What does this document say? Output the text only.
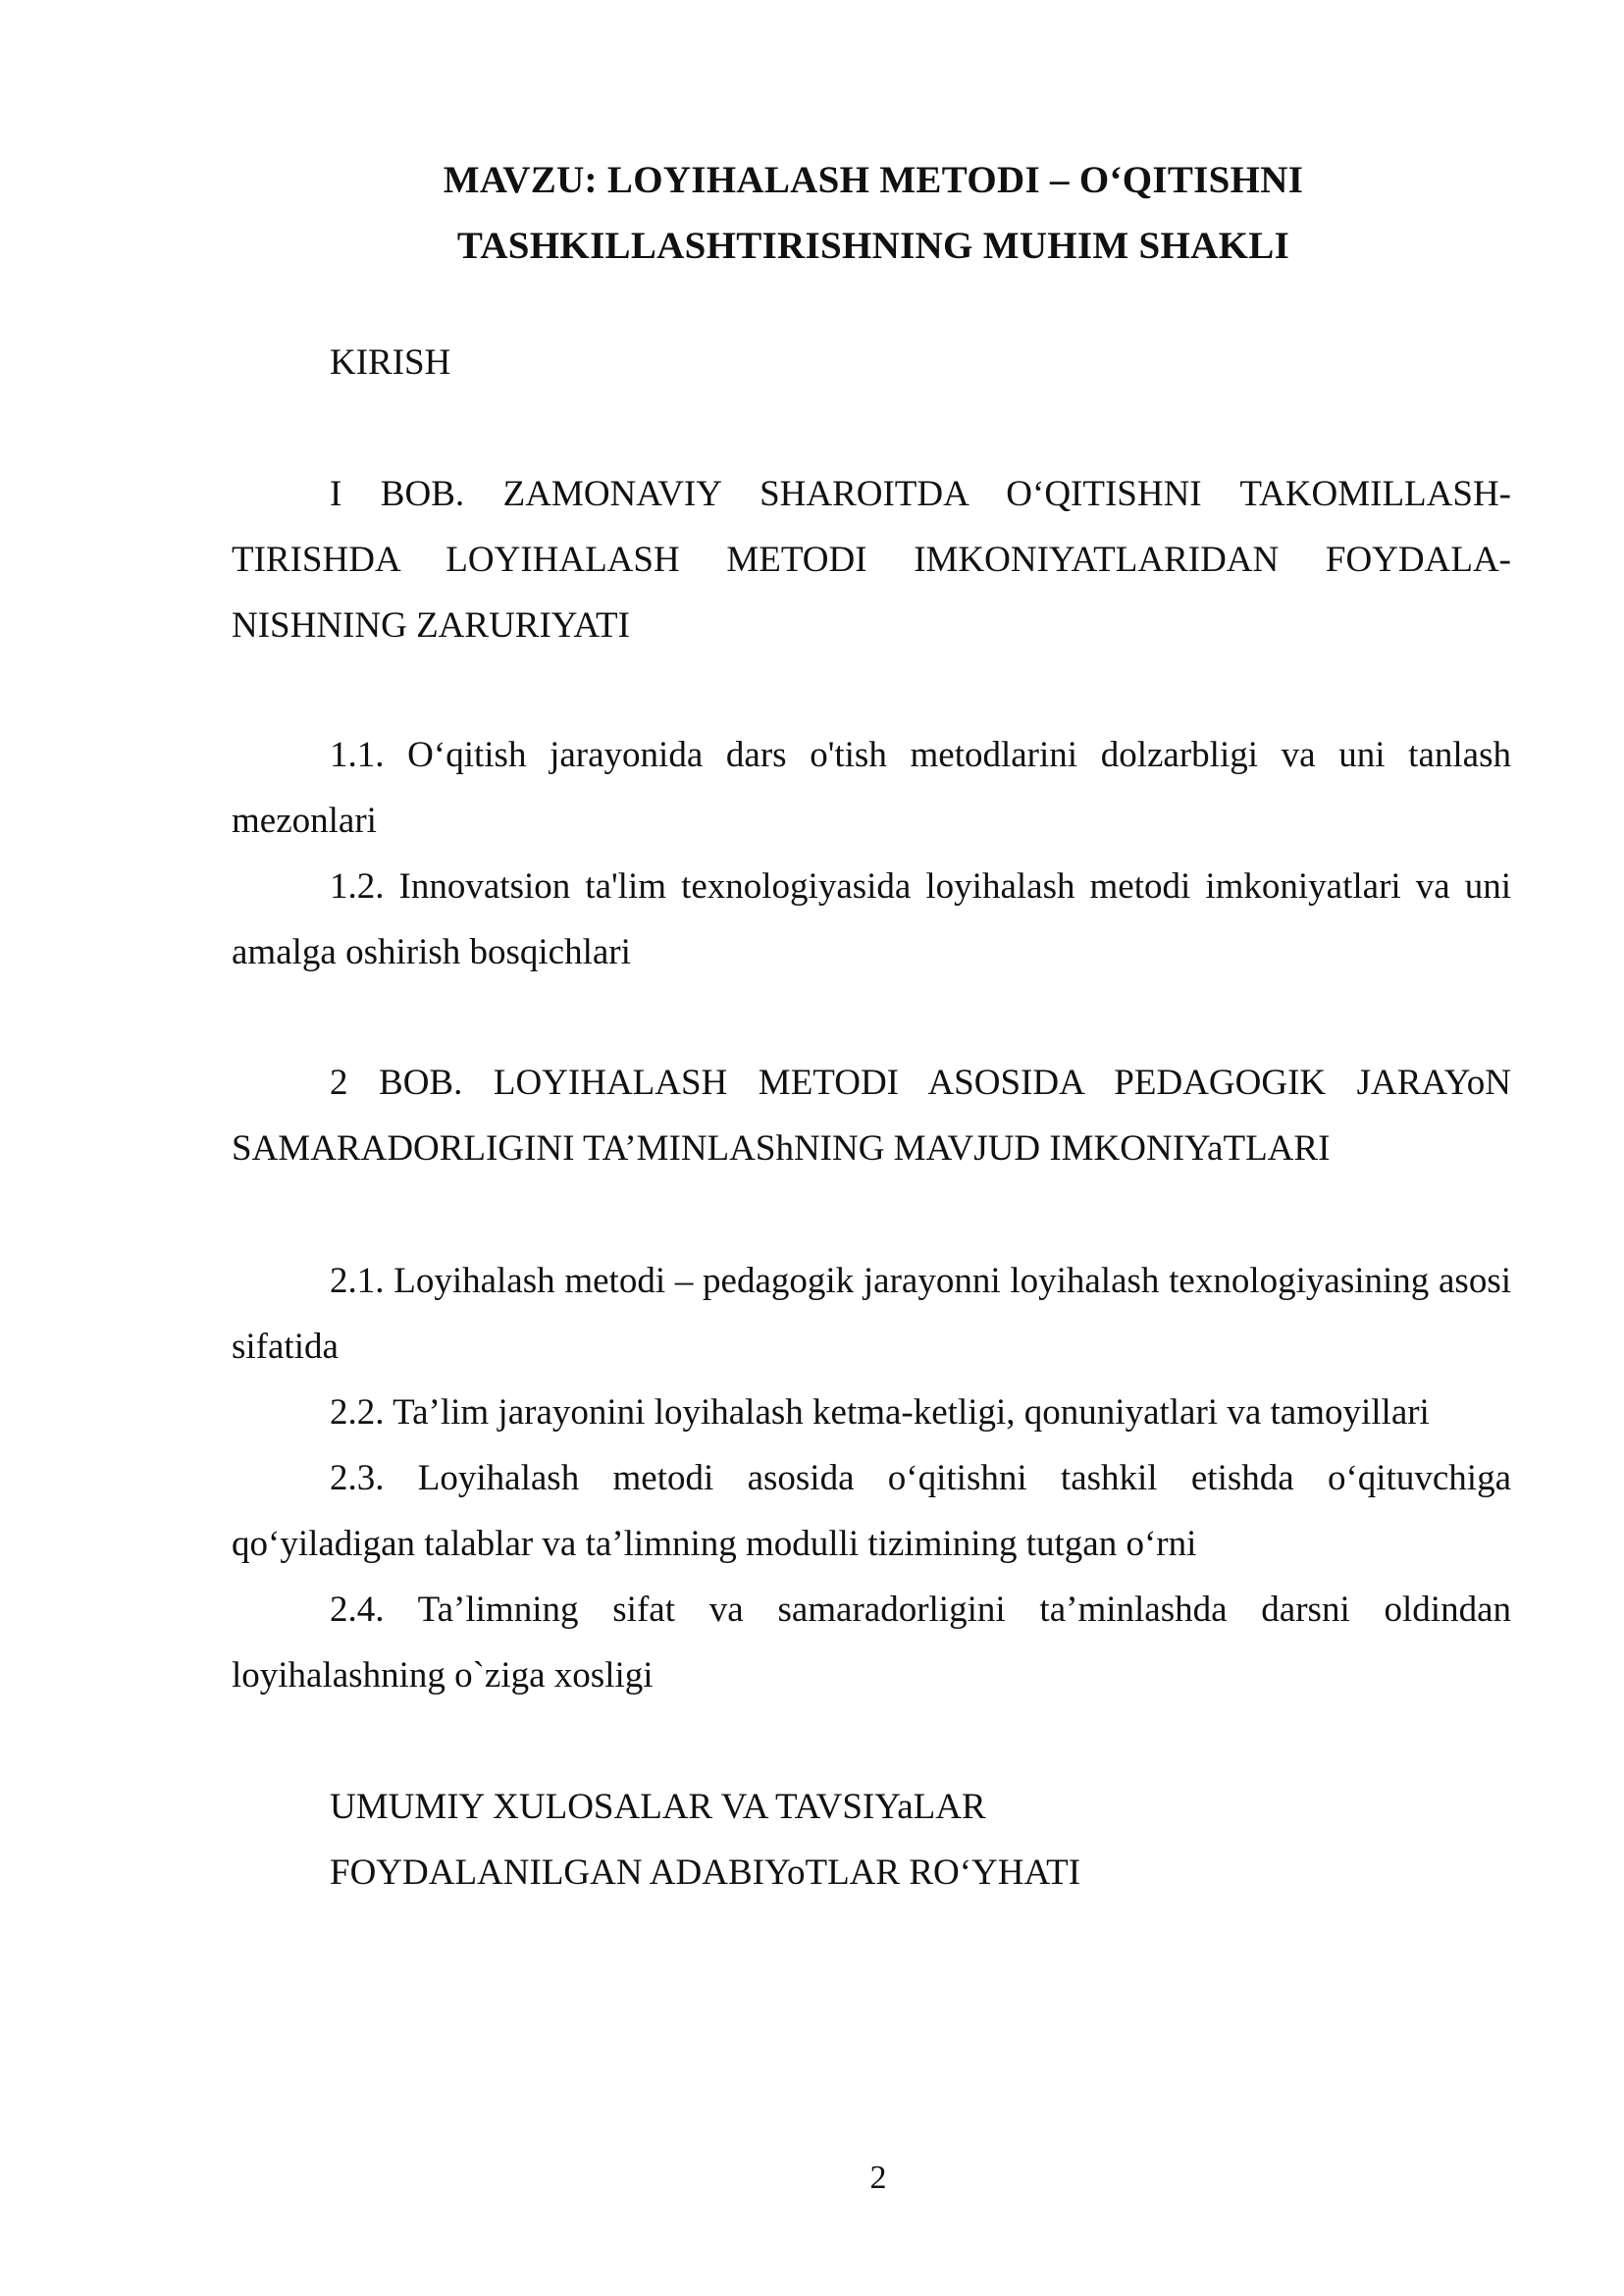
MAVZU: LOYIHALASH METODI – O‘QITISHNI
TASHKILLASHTIRISHNING MUHIM SHAKLI

KIRISH

I BOB. ZAMONAVIY SHAROITDA O‘QITISHNI TAKOMILLASHTIRISHDA LOYIHALASH METODI IMKONIYATLARIDAN FOYDALANISHNING ZARURIYATI

1.1. O‘qitish jarayonida dars o'tish metodlarini dolzarbligi va uni tanlash mezonlari

1.2. Innovatsion ta'lim texnologiyasida loyihalash metodi imkoniyatlari va uni amalga oshirish bosqichlari

2 BOB. LOYIHALASH METODI ASOSIDA PEDAGOGIK JARAYoN SAMARADORLIGINI TA’MINLAShNING MAVJUD IMKONIYaTLARI

2.1. Loyihalash metodi – pedagogik jarayonni loyihalash texnologiyasining asosi sifatida

2.2. Ta’lim jarayonini loyihalash ketma-ketligi, qonuniyatlari va tamoyillari

2.3. Loyihalash metodi asosida o‘qitishni tashkil etishda o‘qituvchiga qo‘yiladigan talablar va ta’limning modulli tizimining tutgan o‘rni

2.4. Ta’limning sifat va samaradorligini ta’minlashda darsni oldindan loyihalashning o`ziga xosligi

UMUMIY XULOSALAR VA TAVSIYaLAR

FOYDALANILGAN ADABIYoTLAR RO‘YHATI

2
